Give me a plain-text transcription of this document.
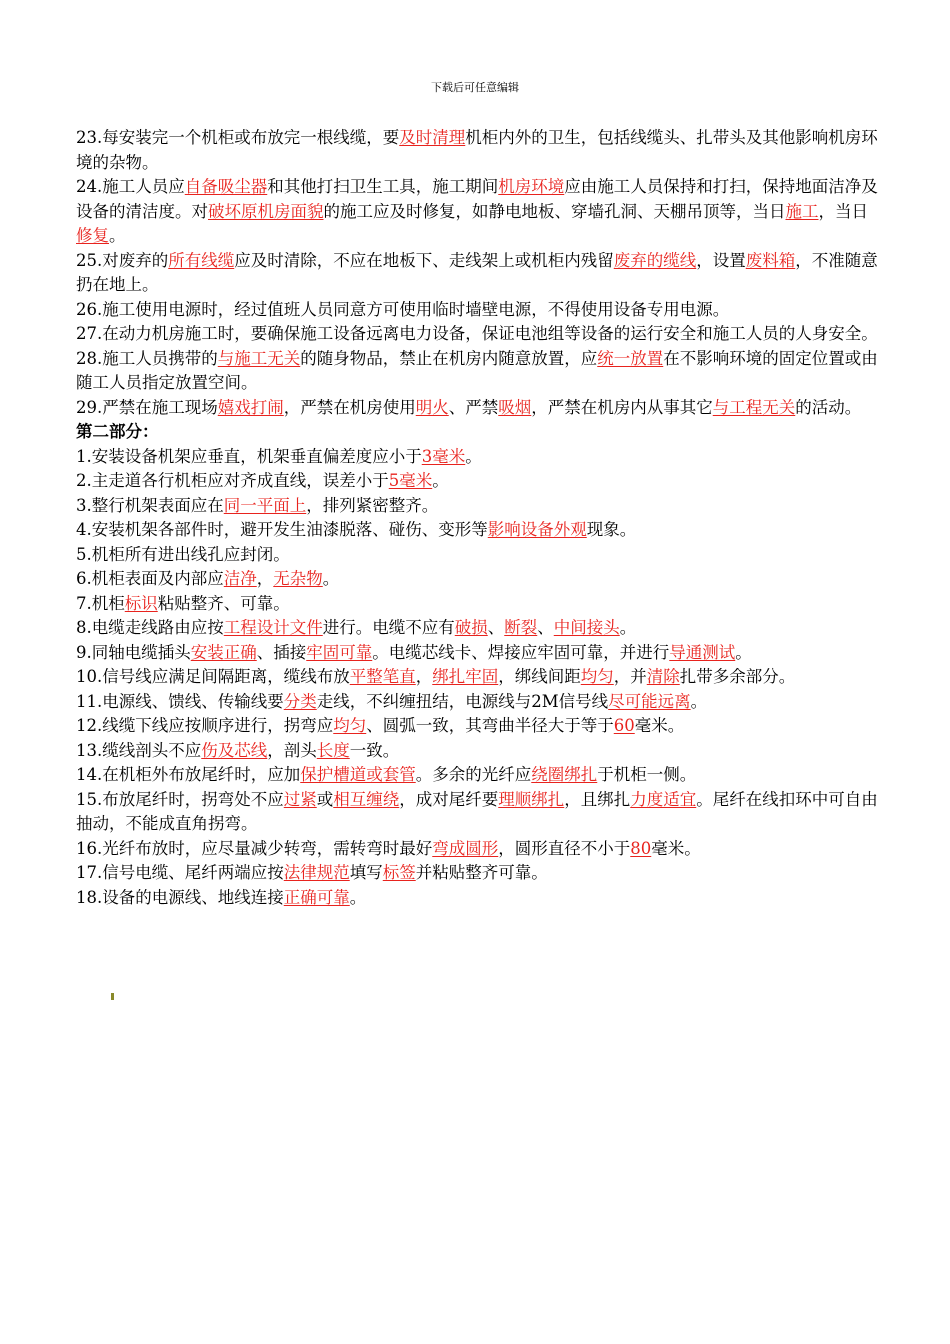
下载后可任意编辑

23.每安装完一个机柜或布放完一根线缆，要及时清理机柜内外的卫生，包括线缆头、扎带头及其他影响机房环境的杂物。

24.施工人员应自备吸尘器和其他打扫卫生工具，施工期间机房环境应由施工人员保持和打扫，保持地面洁净及设备的清洁度。对破坏原机房面貌的施工应及时修复，如静电地板、穿墙孔洞、天棚吊顶等，当日施工，当日修复。

25.对废弃的所有线缆应及时清除，不应在地板下、走线架上或机柜内残留废弃的缆线，设置废料箱，不准随意扔在地上。

26.施工使用电源时，经过值班人员同意方可使用临时墙壁电源，不得使用设备专用电源。

27.在动力机房施工时，要确保施工设备远离电力设备，保证电池组等设备的运行安全和施工人员的人身安全。

28.施工人员携带的与施工无关的随身物品，禁止在机房内随意放置，应统一放置在不影响环境的固定位置或由随工人员指定放置空间。

29.严禁在施工现场嬉戏打闹，严禁在机房使用明火、严禁吸烟，严禁在机房内从事其它与工程无关的活动。

第二部分：

1.安装设备机架应垂直，机架垂直偏差度应小于3毫米。

2.主走道各行机柜应对齐成直线，误差小于5毫米。

3.整行机架表面应在同一平面上，排列紧密整齐。

4.安装机架各部件时，避开发生油漆脱落、碰伤、变形等影响设备外观现象。

5.机柜所有进出线孔应封闭。

6.机柜表面及内部应洁净，无杂物。

7.机柜标识粘贴整齐、可靠。

8.电缆走线路由应按工程设计文件进行。电缆不应有破损、断裂、中间接头。

9.同轴电缆插头安装正确、插接牢固可靠。电缆芯线卡、焊接应牢固可靠，并进行导通测试。

10.信号线应满足间隔距离，缆线布放平整笔直，绑扎牢固，绑线间距均匀，并清除扎带多余部分。

11.电源线、馈线、传输线要分类走线，不纠缠扭结，电源线与2M信号线尽可能远离。

12.线缆下线应按顺序进行，拐弯应均匀、圆弧一致，其弯曲半径大于等于60毫米。

13.缆线剖头不应伤及芯线，剖头长度一致。

14.在机柜外布放尾纤时，应加保护槽道或套管。多余的光纤应绕圈绑扎于机柜一侧。

15.布放尾纤时，拐弯处不应过紧或相互缠绕，成对尾纤要理顺绑扎，且绑扎力度适宜。尾纤在线扣环中可自由抽动，不能成直角拐弯。

16.光纤布放时，应尽量减少转弯，需转弯时最好弯成圆形，圆形直径不小于80毫米。

17.信号电缆、尾纤两端应按法律规范填写标签并粘贴整齐可靠。

18.设备的电源线、地线连接正确可靠。
